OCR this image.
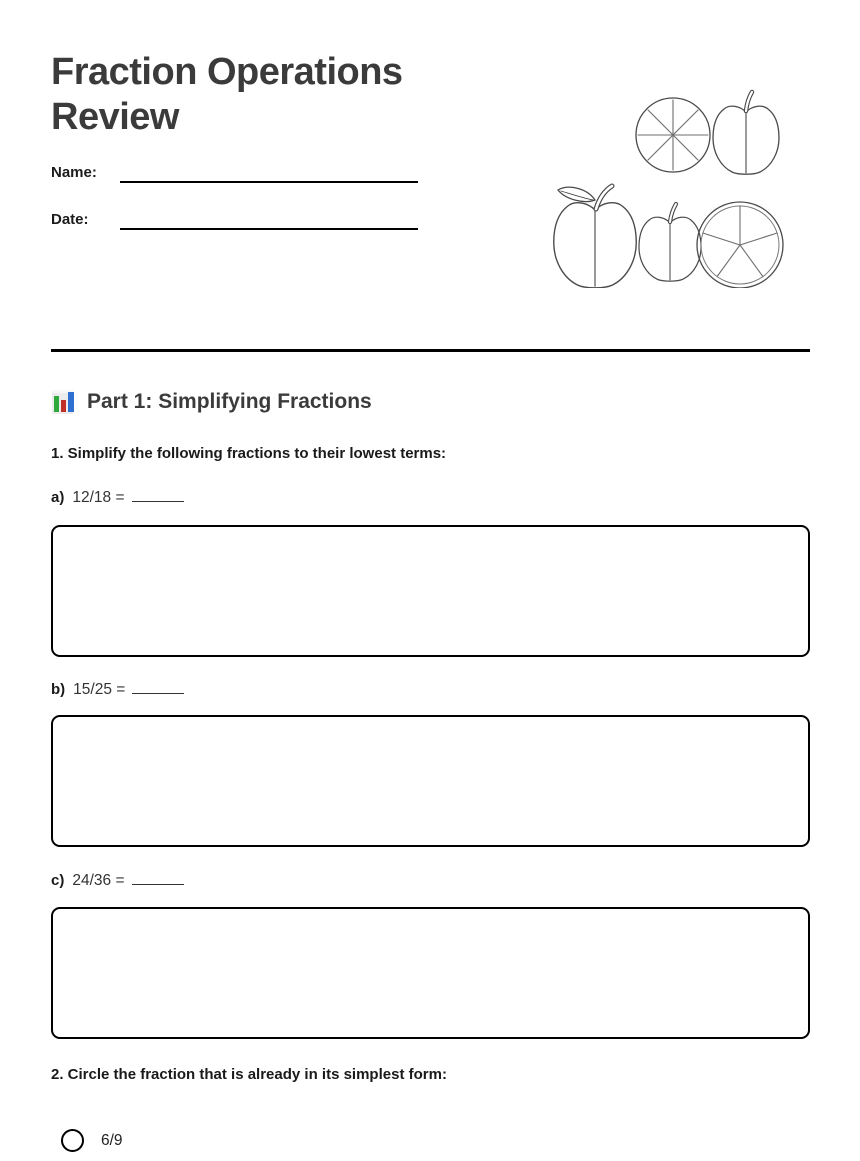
Fraction Operations Review
Name:
Date:
Part 1: Simplifying Fractions

1. Simplify the following fractions to their lowest terms:

a) 12/18 =
b) 15/25 =
c) 24/36 =

2. Circle the fraction that is already in its simplest form:

6/9
